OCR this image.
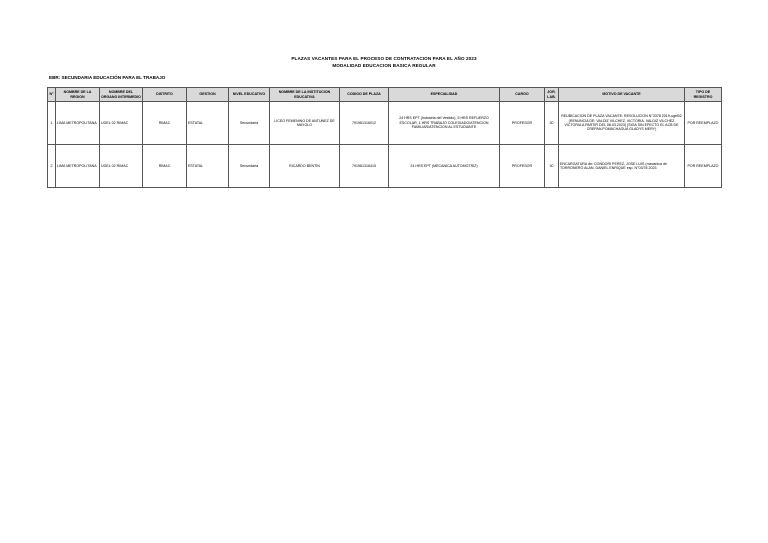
PLAZAS VACANTES PARA EL PROCESO DE CONTRATACION PARA EL AÑO 2023
MODALIDAD EDUCACION BASICA REGULAR
EBR: SECUNDARIA EDUCACIÓN PARA EL TRABAJO
N°	NOMBRE DE LA REGION	NOMBRE DEL ORGANO INTERMEDIO	DISTRITO	GESTION	NIVEL EDUCATIVO	NOMBRE DE LA INSTITUCION EDUCATIVA	CODIGO DE PLAZA	ESPECIALIDAD	CARGO	JOR. LAB.	MOTIVO DE VACANTE	TIPO DE REGISTRO
1	LIMA METROPOLITANA	UGEL 02 RIMAC	RIMAC	ESTATAL	Secundaria	LICEO FEMENINO DE ANTUNEZ DE MAYOLO	791961316012	24 HRS EPT (Industria del Vestido), 5 HRS REFUERZO ESCOLAR, 1 HRS TRABAJO COLEGIADO/ATENCION FAMILIAR/ATENCION AL ESTUDIANTE	PROFESOR	30	REUBICACION DE PLAZA VACANTE: RESOLUCION N°3378 2019-ugel02 (RENUNCIA DE: VALDIZ VILCHEZ, VICTORIA. VALDIZ VILCHEZ VICTORIA A PARTIR DEL 08.03.2023) (SIGA SIN EFECTO EL ACB DE CREPAN POMACHAGUA GLADYS MERY)	POR REEMPLAZO
2	LIMA METROPOLITANA	UGEL 02 RIMAC	RIMAC	ESTATAL	Secundaria	RICARDO BENTIN	791961316415	24 HRS EPT (MECANICA AUTOMOTRIZ)	PROFESOR	30	ENCARGATURA de: CONDORI PEREZ, JOSE LUIS (mecanica de TORRONERO ALAN, DANIEL ENRIQUE esp. N°03/78 2023	POR REEMPLAZO
